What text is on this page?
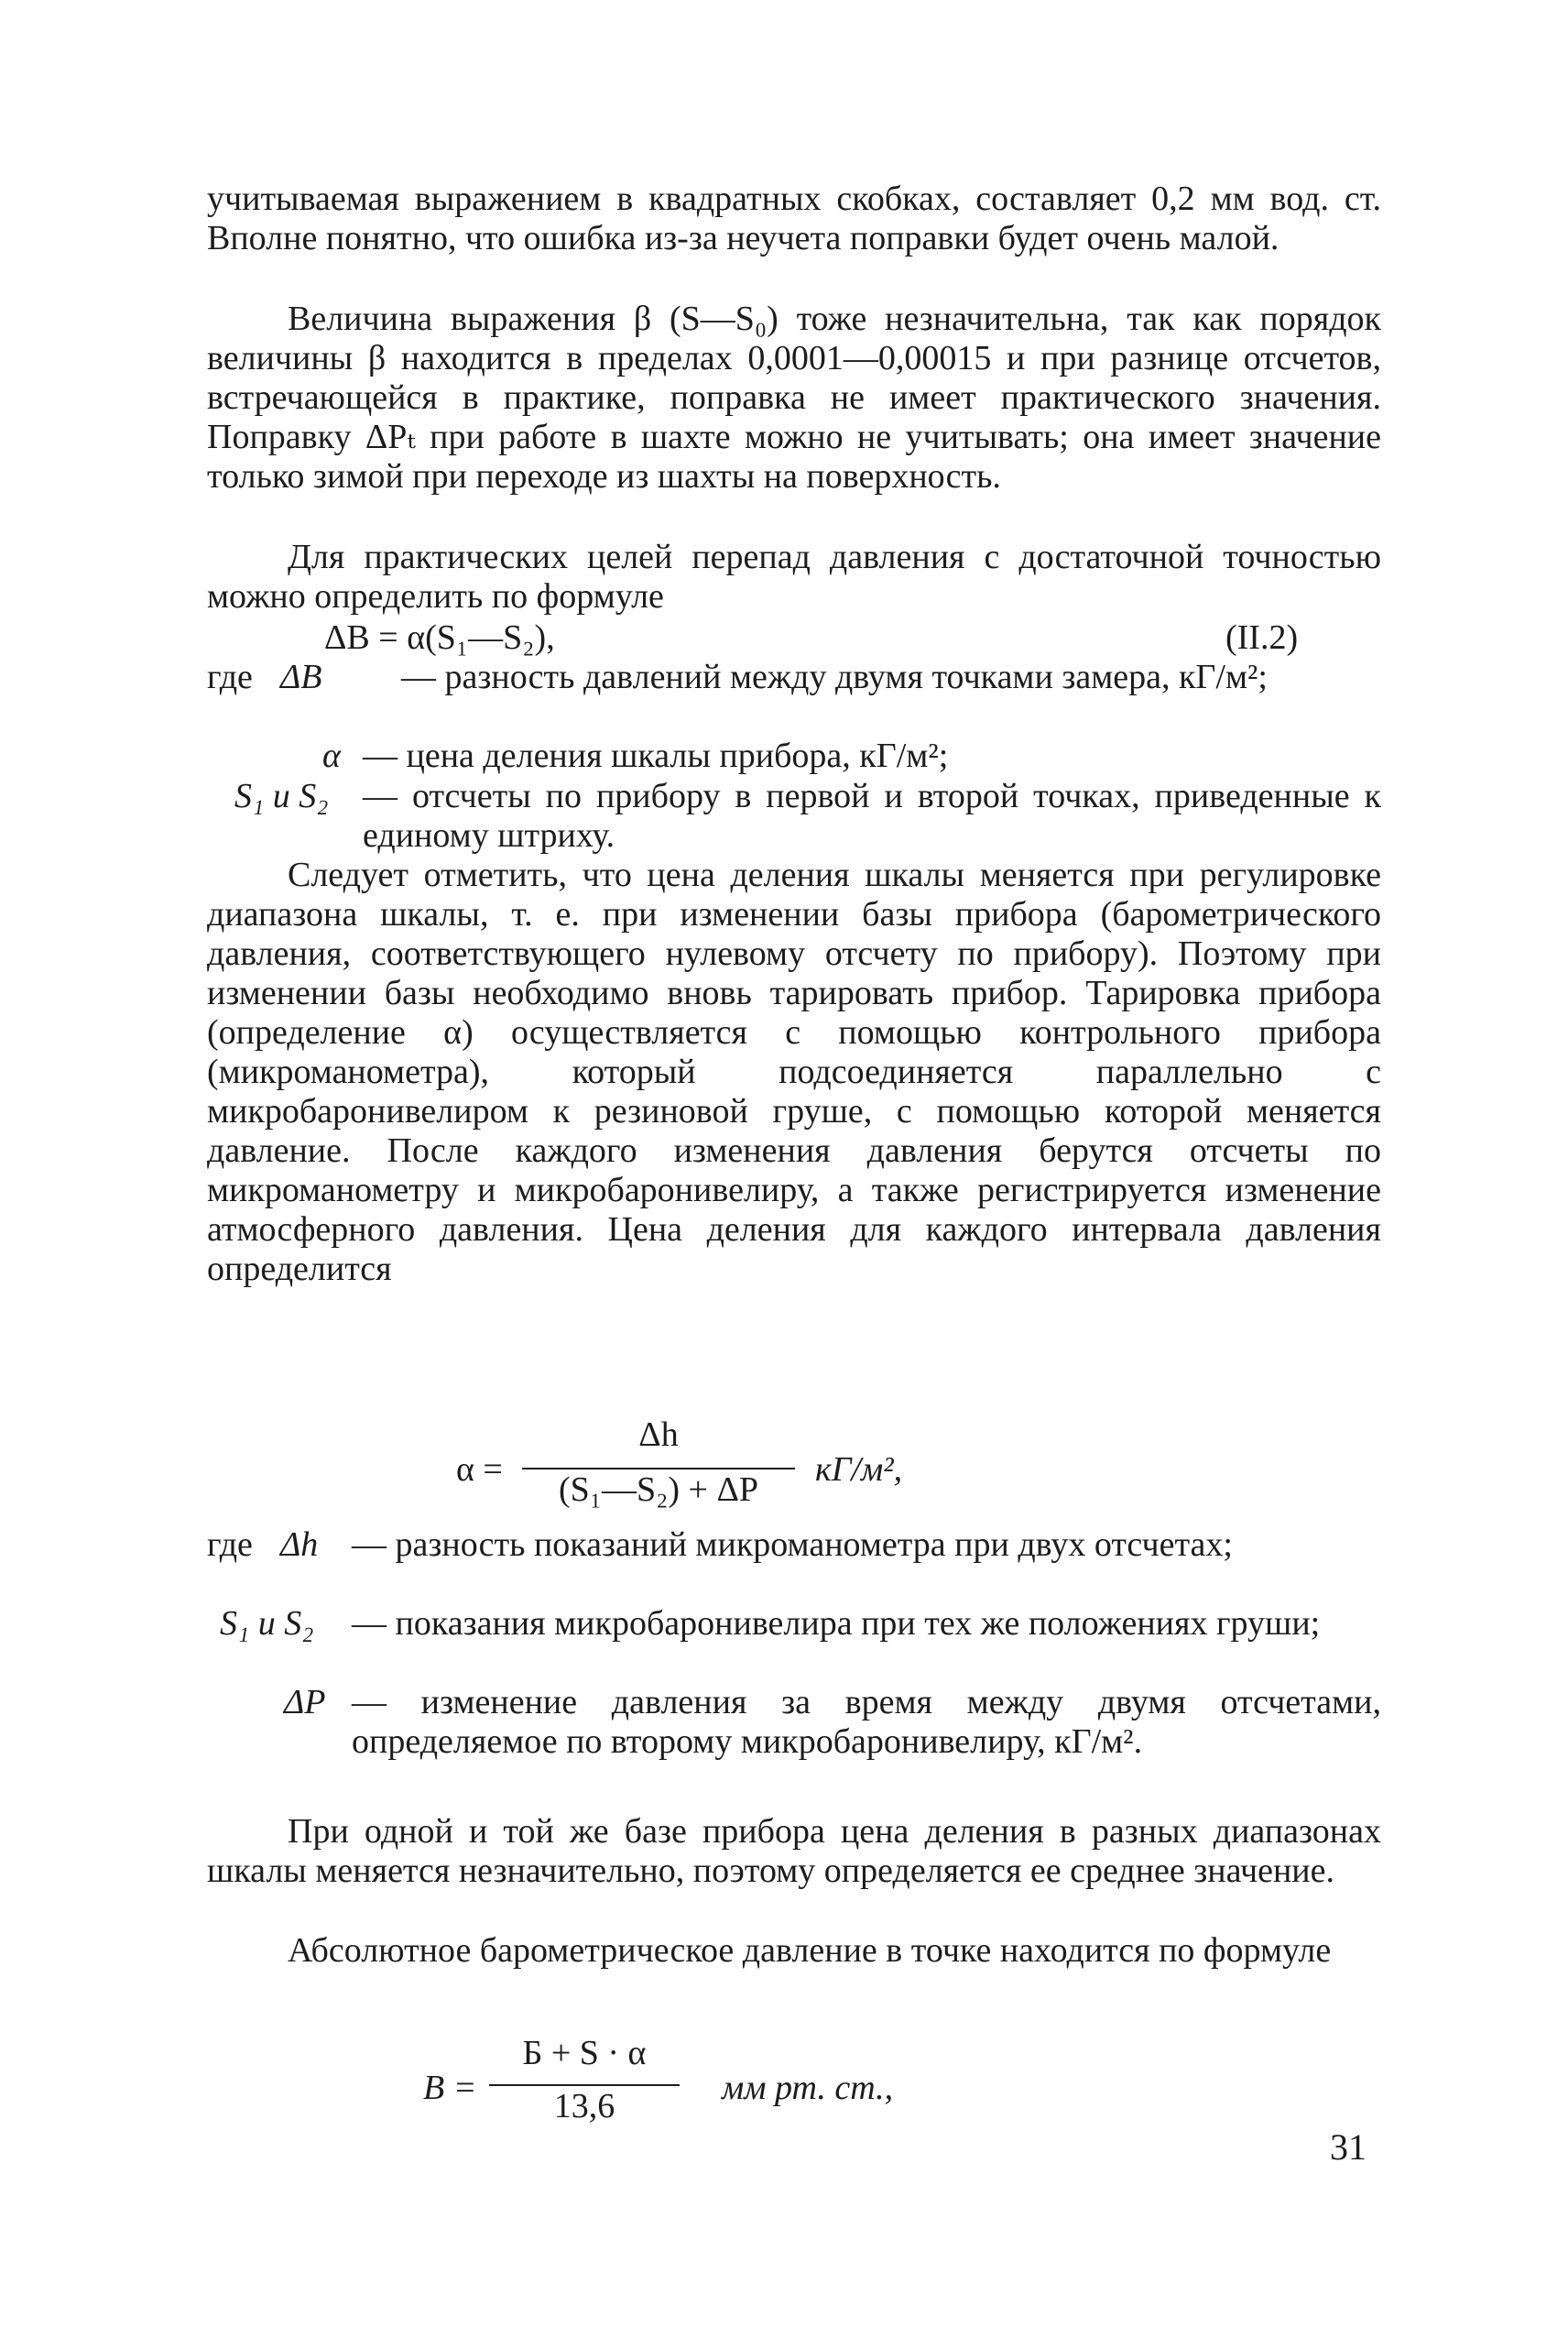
учитываемая выражением в квадратных скобках, составляет 0,2 мм вод. ст. Вполне понятно, что ошибка из-за неучета поправки будет очень малой.

Величина выражения β (S—S₀) тоже незначительна, так как порядок величины β находится в пределах 0,0001—0,00015 и при разнице отсчетов, встречающейся в практике, поправка не имеет практического значения. Поправку ΔPₜ при работе в шахте можно не учитывать; она имеет значение только зимой при переходе из шахты на поверхность.

Для практических целей перепад давления с достаточной точностью можно определить по формуле

ΔB = α(S₁—S₂),	(II.2)
где ΔB — разность давлений между двумя точками замера, кГ/м²;
α — цена деления шкалы прибора, кГ/м²;
S₁ и S₂ — отсчеты по прибору в первой и второй точках, приведенные к единому штриху.

Следует отметить, что цена деления шкалы меняется при регулировке диапазона шкалы, т. е. при изменении базы прибора (барометрического давления, соответствующего нулевому отсчету по прибору). Поэтому при изменении базы необходимо вновь тарировать прибор. Тарировка прибора (определение α) осуществляется с помощью контрольного прибора (микроманометра), который подсоединяется параллельно с микробаронивелиром к резиновой груше, с помощью которой меняется давление. После каждого изменения давления берутся отсчеты по микроманометру и микробаронивелиру, а также регистрируется изменение атмосферного давления. Цена деления для каждого интервала давления определится

α =
Δh
(S₁—S₂) + ΔP
кГ/м²,
где Δh — разность показаний микроманометра при двух отсчетах;
S₁ и S₂ — показания микробаронивелира при тех же положениях груши;
ΔP — изменение давления за время между двумя отсчетами, определяемое по второму микробаронивелиру, кГ/м².

При одной и той же базе прибора цена деления в разных диапазонах шкалы меняется незначительно, поэтому определяется ее среднее значение.

Абсолютное барометрическое давление в точке находится по формуле

B =
Б + S · α
13,6	мм рт. ст.,
31
